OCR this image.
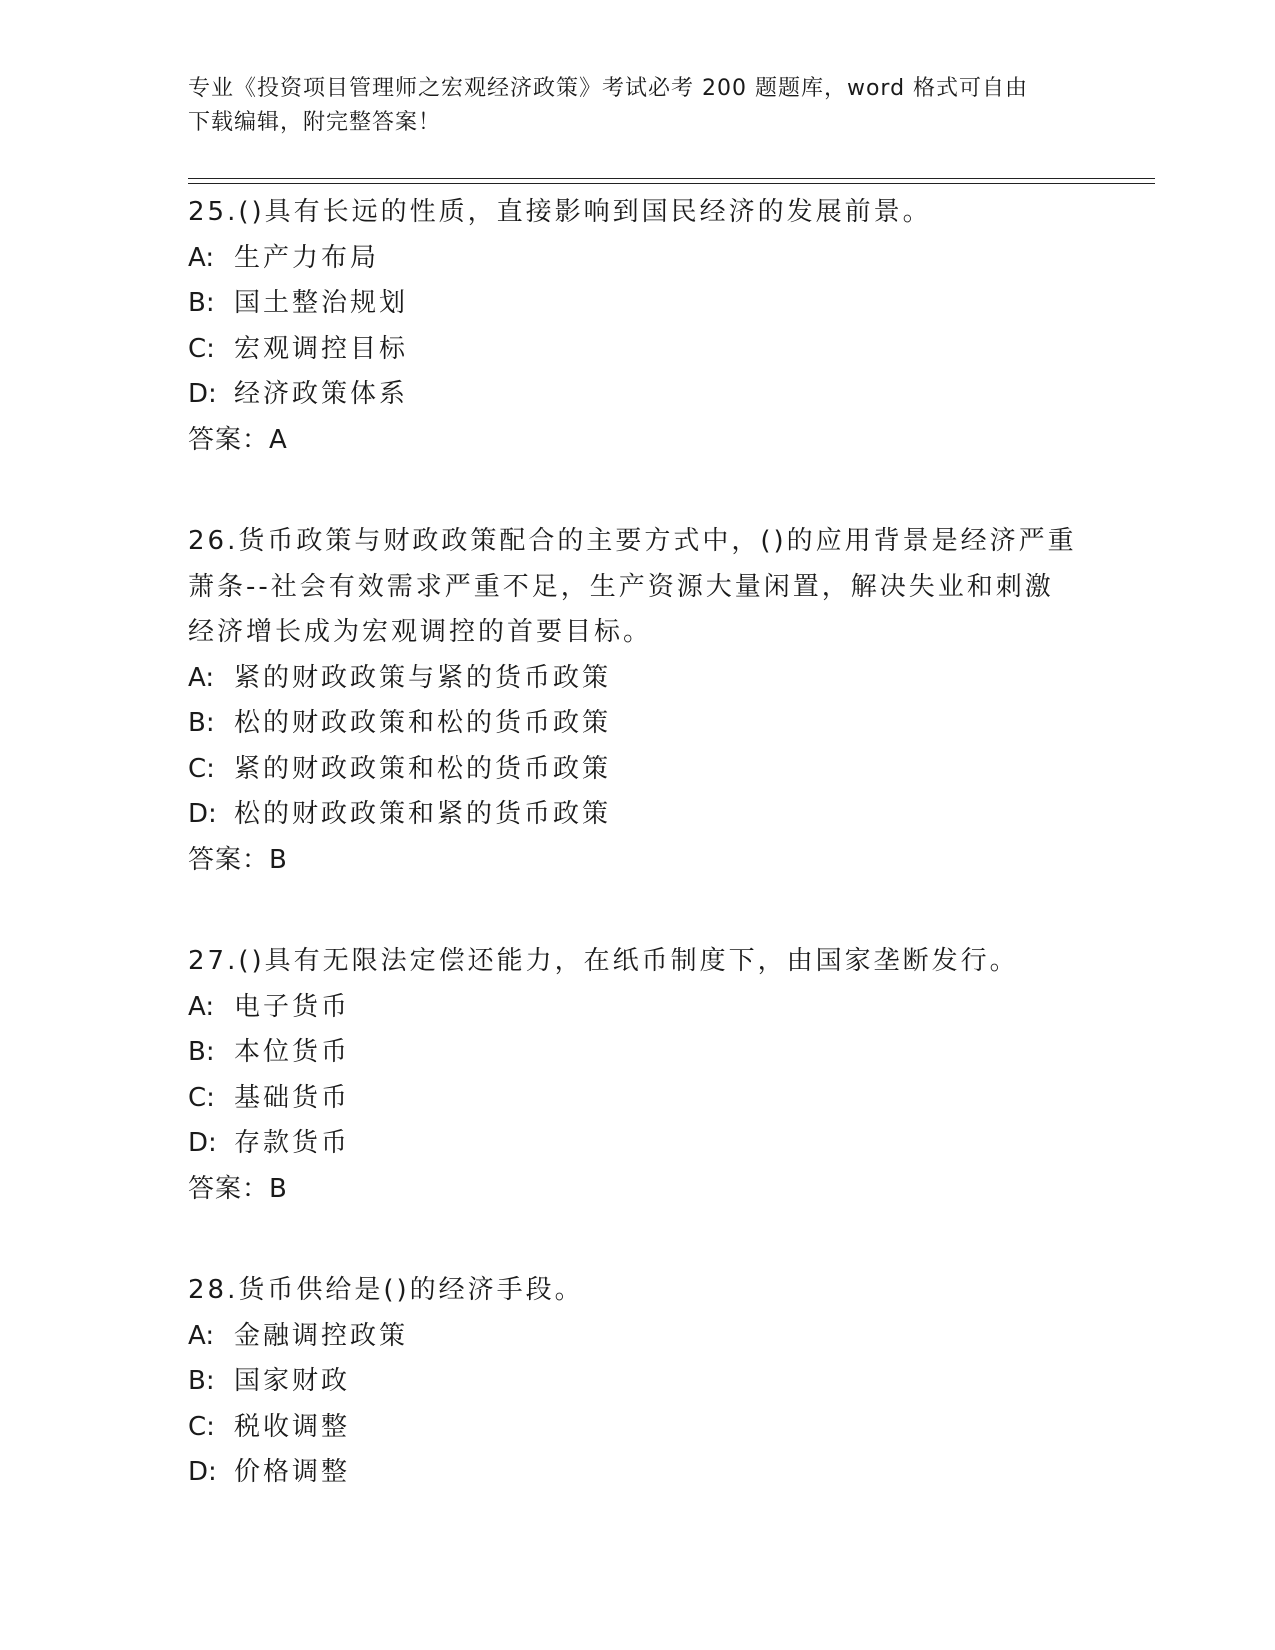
专业《投资项目管理师之宏观经济政策》考试必考 200 题题库，word 格式可自由
下载编辑，附完整答案！

25.()具有长远的性质，直接影响到国民经济的发展前景。

A: 生产力布局

B: 国土整治规划

C: 宏观调控目标

D: 经济政策体系

答案：A

26.货币政策与财政政策配合的主要方式中，()的应用背景是经济严重

萧条--社会有效需求严重不足，生产资源大量闲置，解决失业和刺激

经济增长成为宏观调控的首要目标。

A: 紧的财政政策与紧的货币政策

B: 松的财政政策和松的货币政策

C: 紧的财政政策和松的货币政策

D: 松的财政政策和紧的货币政策

答案：B

27.()具有无限法定偿还能力，在纸币制度下，由国家垄断发行。

A: 电子货币

B: 本位货币

C: 基础货币

D: 存款货币

答案：B

28.货币供给是()的经济手段。

A: 金融调控政策

B: 国家财政

C: 税收调整

D: 价格调整
